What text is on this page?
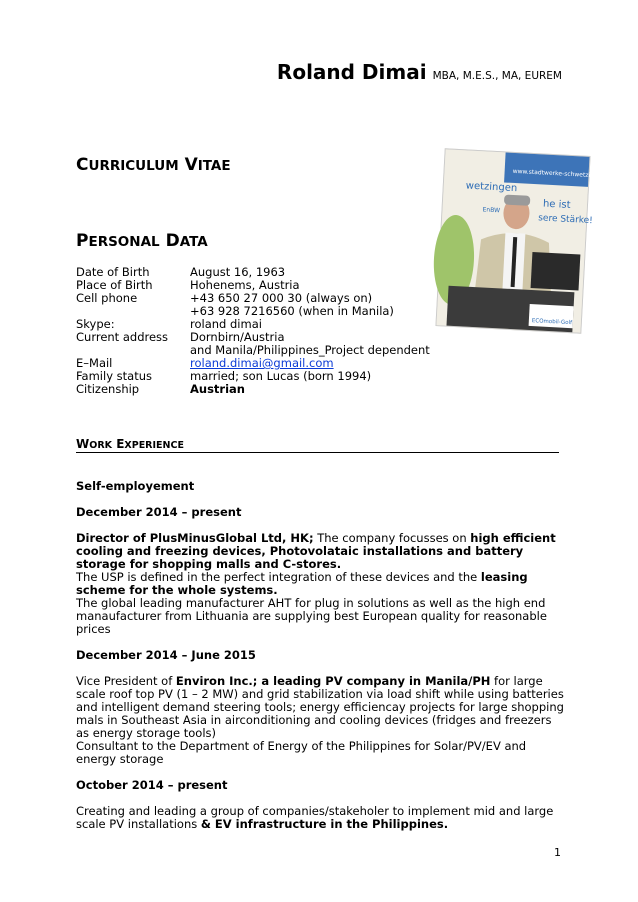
Roland Dimai MBA, M.E.S., MA, EUREM
CURRICULUM VITAE
PERSONAL DATA
www.stadtwerke-schwetzingen.de
wetzingen
he ist
sere Stärke!
EnBW
ECOmobil-Golf
Date of Birth	August 16, 1963
Place of Birth	Hohenems, Austria
Cell phone	+43 650 27 000 30 (always on)
+63 928 7216560 (when in Manila)
Skype:	roland dimai
Current address	Dornbirn/Austria
and Manila/Philippines_Project dependent
E–Mail	roland.dimai@gmail.com
Family status	married; son Lucas (born 1994)
Citizenship	Austrian
WORK EXPERIENCE
Self-employement
December 2014 – present
Director of PlusMinusGlobal Ltd, HK; The company focusses on high efficient cooling and freezing devices, Photovolataic installations and battery storage for shopping malls and C-stores.
The USP is defined in the perfect integration of these devices and the leasing scheme for the whole systems.
The global leading manufacturer AHT for plug in solutions as well as the high end manaufacturer from Lithuania are supplying best European quality for reasonable prices
December 2014 – June 2015
Vice President of Environ Inc.; a leading PV company in Manila/PH for large scale roof top PV (1 – 2 MW) and grid stabilization via load shift while using batteries and intelligent demand steering tools; energy efficiencay projects for large shopping mals in Southeast Asia in airconditioning and cooling devices (fridges and freezers as energy storage tools)
Consultant to the Department of Energy of the Philippines for Solar/PV/EV and energy storage
October 2014 – present
Creating and leading a group of companies/stakeholer to implement mid and large scale PV installations & EV infrastructure in the Philippines.
1
